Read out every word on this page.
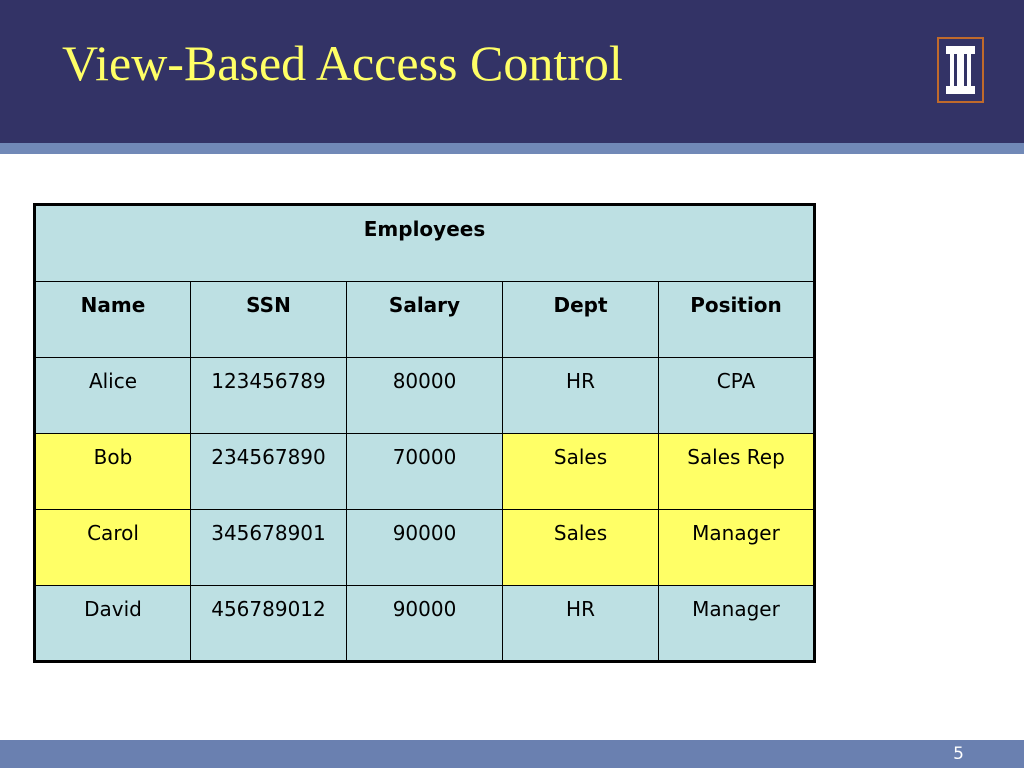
View-Based Access Control
Employees				
Name	SSN	Salary	Dept	Position
Alice	123456789	80000	HR	CPA
Bob	234567890	70000	Sales	Sales Rep
Carol	345678901	90000	Sales	Manager
David	456789012	90000	HR	Manager
5
